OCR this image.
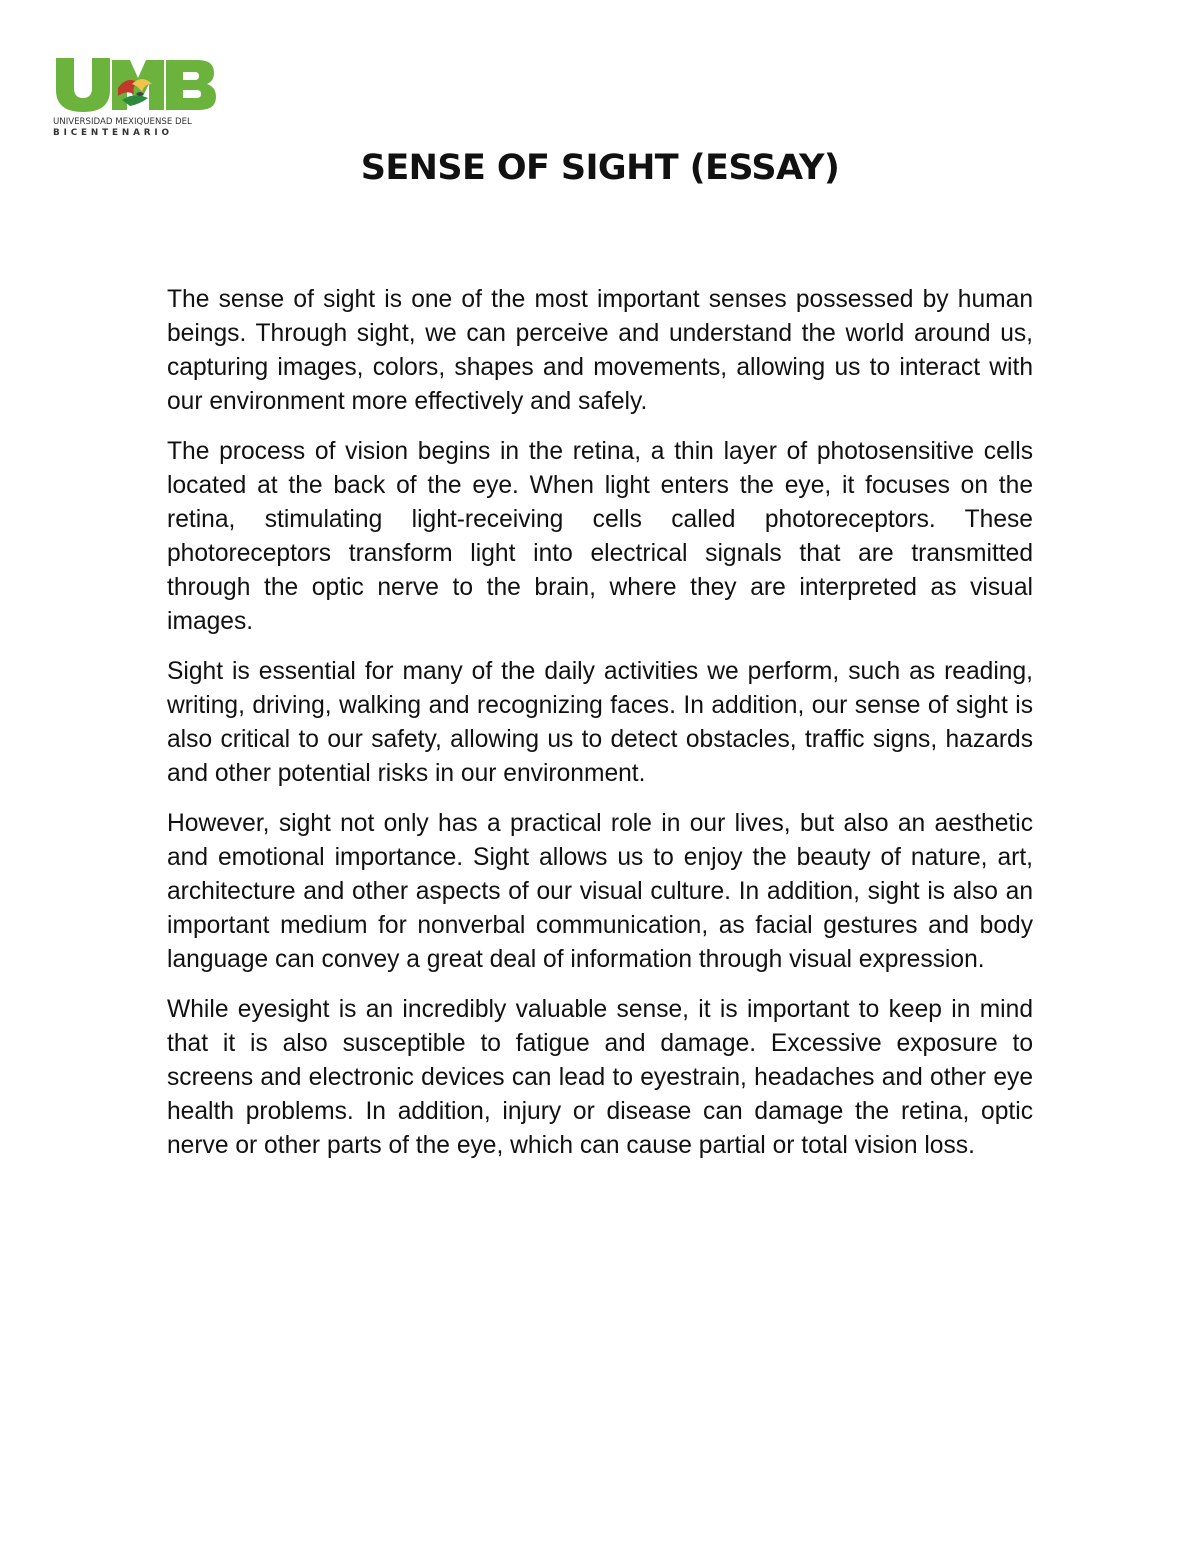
UNIVERSIDAD MEXIQUENSE DEL
B I C E N T E N A R I O
SENSE OF SIGHT (ESSAY)

The sense of sight is one of the most important senses possessed by human beings. Through sight, we can perceive and understand the world around us, capturing images, colors, shapes and movements, allowing us to interact with our environment more effectively and safely.

The process of vision begins in the retina, a thin layer of photosensitive cells located at the back of the eye. When light enters the eye, it focuses on the retina, stimulating light-receiving cells called photoreceptors. These photoreceptors transform light into electrical signals that are transmitted through the optic nerve to the brain, where they are interpreted as visual images.

Sight is essential for many of the daily activities we perform, such as reading, writing, driving, walking and recognizing faces. In addition, our sense of sight is also critical to our safety, allowing us to detect obstacles, traffic signs, hazards and other potential risks in our environment.

However, sight not only has a practical role in our lives, but also an aesthetic and emotional importance. Sight allows us to enjoy the beauty of nature, art, architecture and other aspects of our visual culture. In addition, sight is also an important medium for nonverbal communication, as facial gestures and body language can convey a great deal of information through visual expression.

While eyesight is an incredibly valuable sense, it is important to keep in mind that it is also susceptible to fatigue and damage. Excessive exposure to screens and electronic devices can lead to eyestrain, headaches and other eye health problems. In addition, injury or disease can damage the retina, optic nerve or other parts of the eye, which can cause partial or total vision loss.
